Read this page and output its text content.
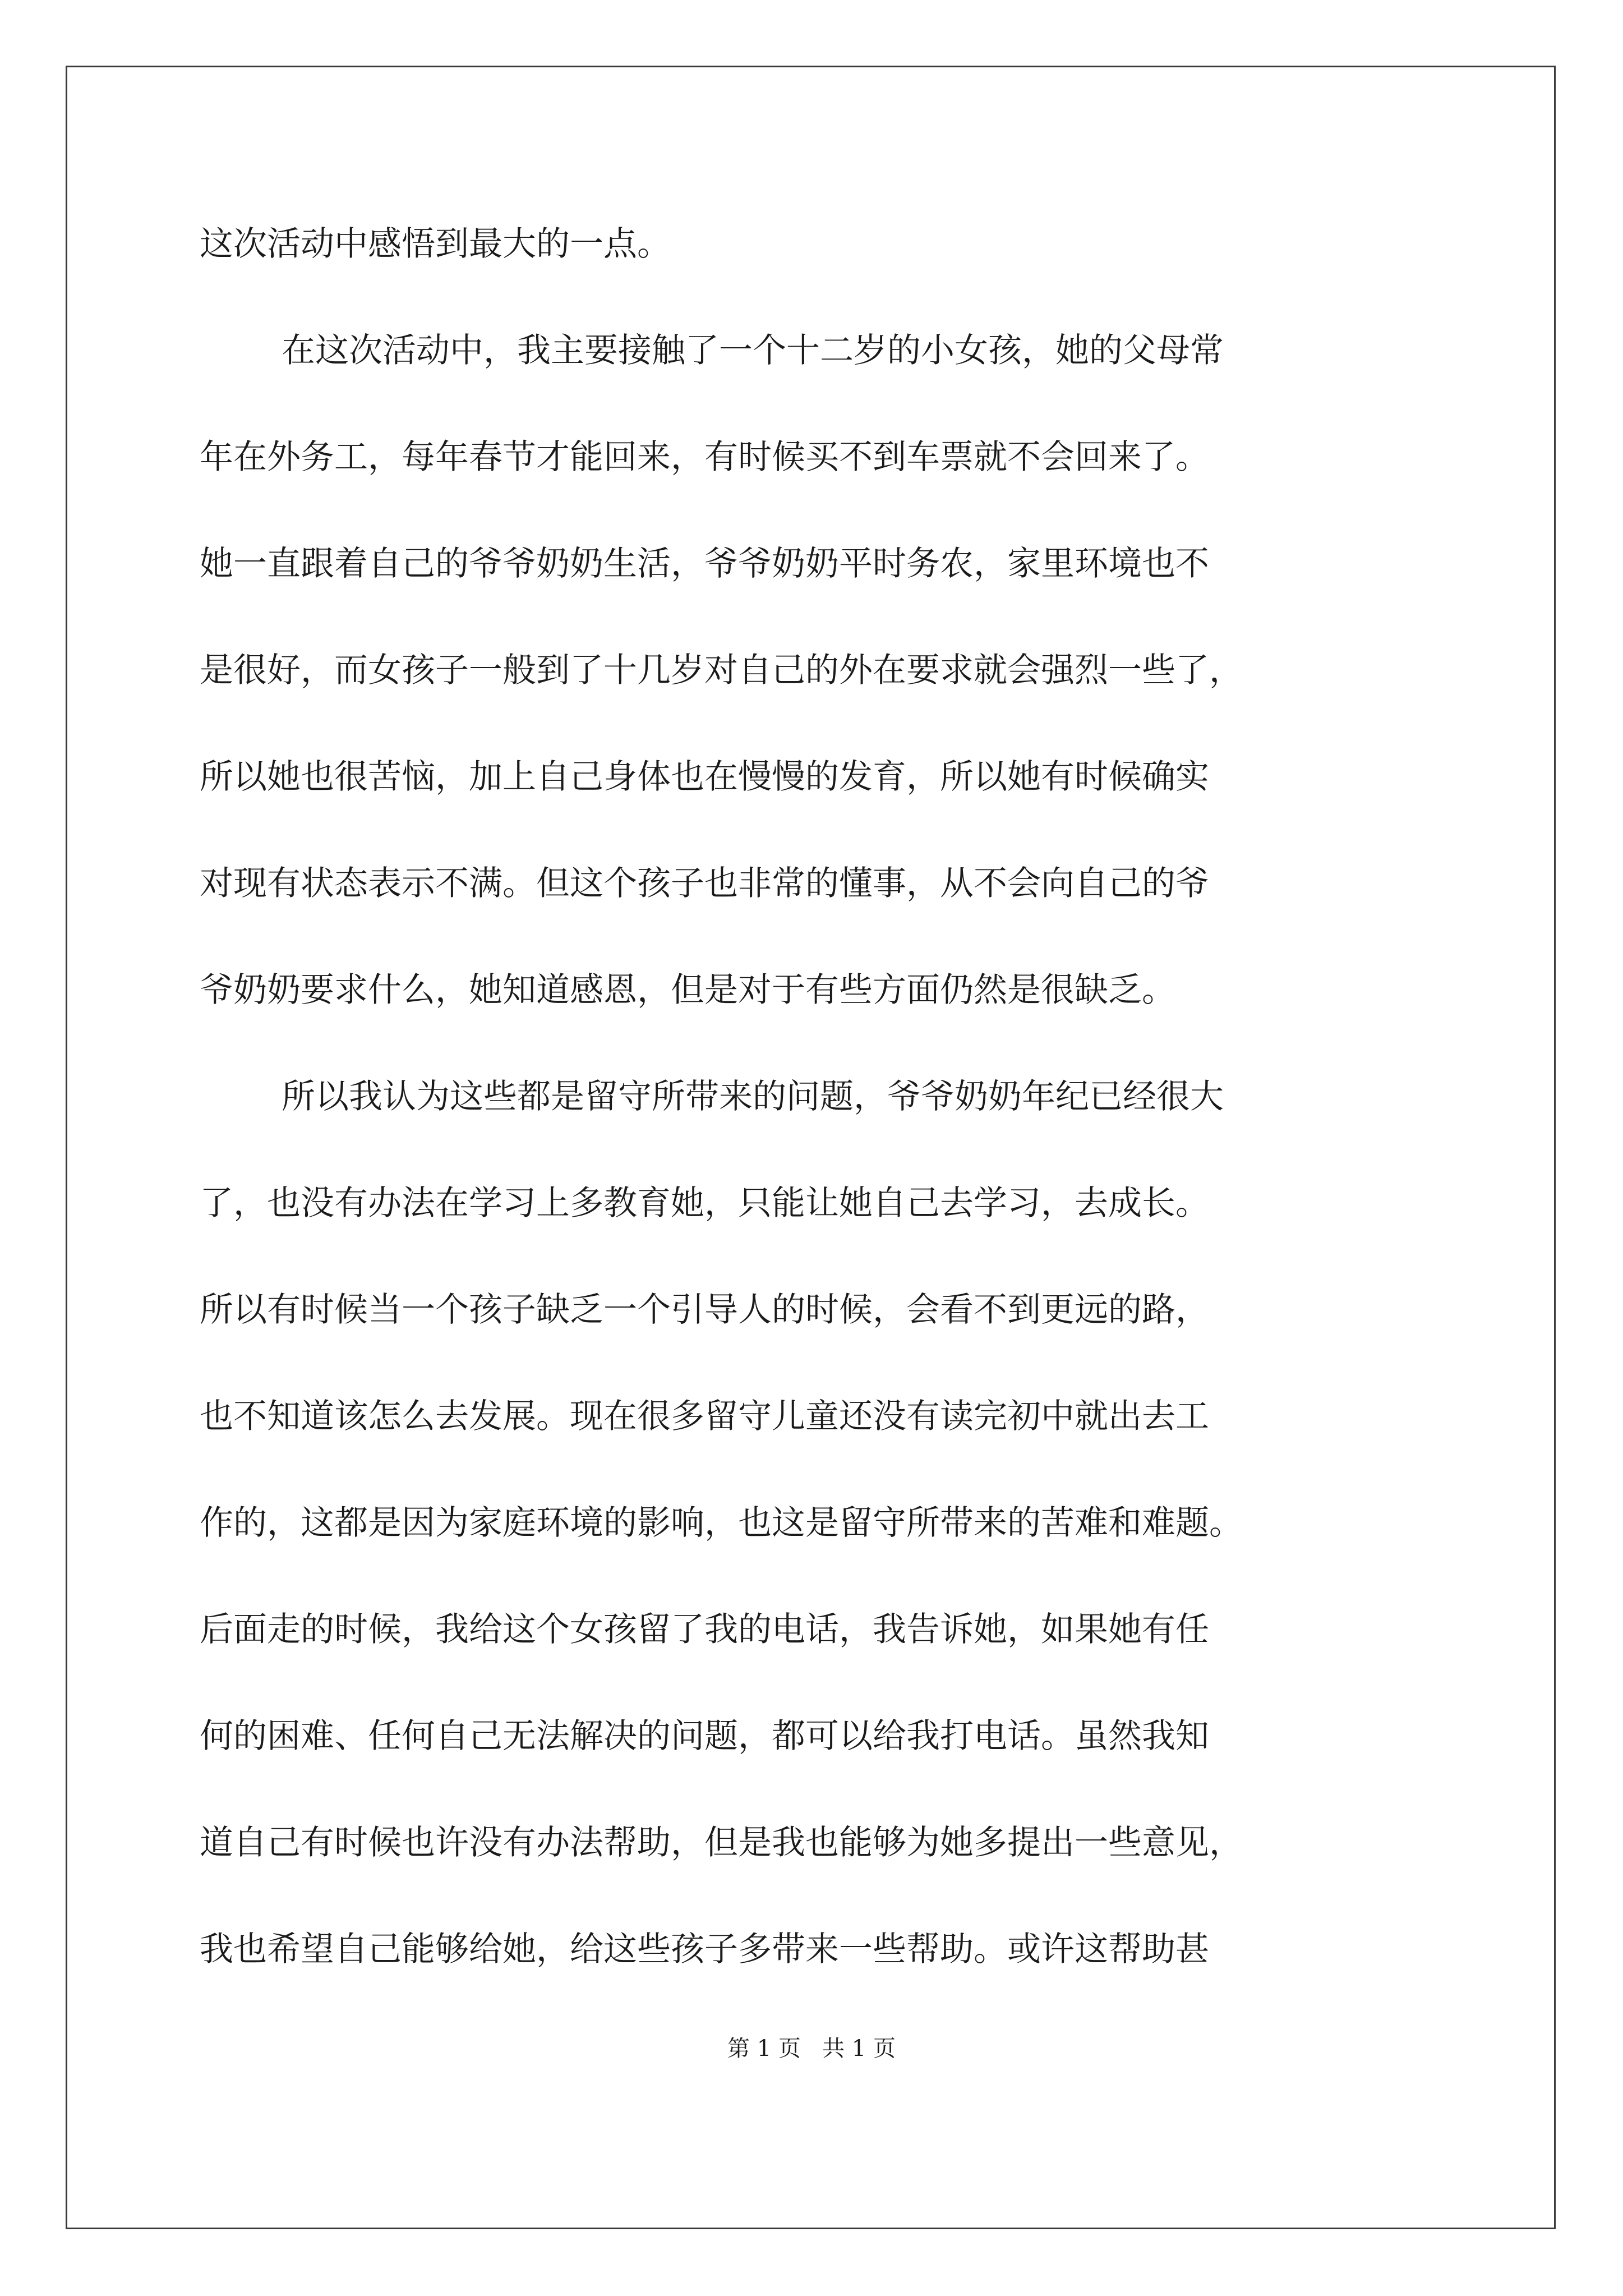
这次活动中感悟到最大的一点。
在这次活动中，我主要接触了一个十二岁的小女孩，她的父母常
年在外务工，每年春节才能回来，有时候买不到车票就不会回来了。
她一直跟着自己的爷爷奶奶生活，爷爷奶奶平时务农，家里环境也不
是很好，而女孩子一般到了十几岁对自己的外在要求就会强烈一些了，
所以她也很苦恼，加上自己身体也在慢慢的发育，所以她有时候确实
对现有状态表示不满。但这个孩子也非常的懂事，从不会向自己的爷
爷奶奶要求什么，她知道感恩，但是对于有些方面仍然是很缺乏。
所以我认为这些都是留守所带来的问题，爷爷奶奶年纪已经很大
了，也没有办法在学习上多教育她，只能让她自己去学习，去成长。
所以有时候当一个孩子缺乏一个引导人的时候，会看不到更远的路，
也不知道该怎么去发展。现在很多留守儿童还没有读完初中就出去工
作的，这都是因为家庭环境的影响，也这是留守所带来的苦难和难题。
后面走的时候，我给这个女孩留了我的电话，我告诉她，如果她有任
何的困难、任何自己无法解决的问题，都可以给我打电话。虽然我知
道自己有时候也许没有办法帮助，但是我也能够为她多提出一些意见，
我也希望自己能够给她，给这些孩子多带来一些帮助。或许这帮助甚
第 1 页   共 1 页
